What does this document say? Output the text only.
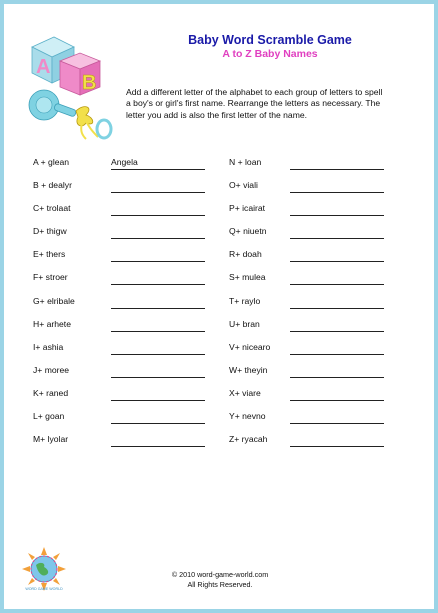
A
B
Baby Word Scramble Game
A to Z Baby Names
Add a different letter of the alphabet to each group of letters to spell a boy's or girl's first name. Rearrange the letters as necessary. The letter you add is also the first letter of the name.
A + glean	Angela
B + dealyr
C+ trolaat
D+ thigw
E+ thers
F+ stroer
G+ elribale
H+ arhete
I+ ashia
J+ moree
K+ raned
L+ goan
M+ lyolar
N + loan
O+ viali
P+ icairat
Q+ niuetn
R+ doah
S+ mulea
T+ raylo
U+ bran
V+ nicearo
W+ theyin
X+ viare
Y+ nevno
Z+ ryacah
WORD GAME WORLD
© 2010 word-game-world.com
All Rights Reserved.
